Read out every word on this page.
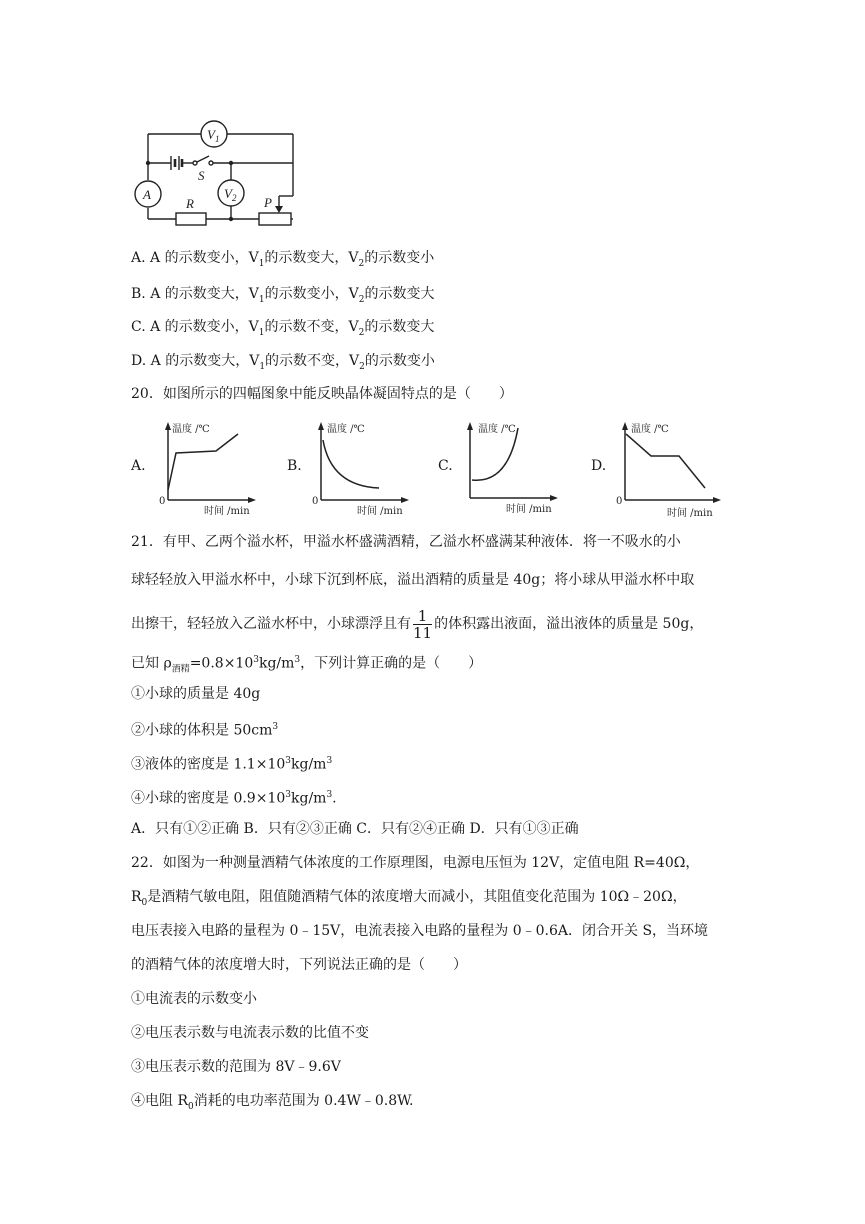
$V_1$
A	$V_2$
S
R	P
A. A 的示数变小，$V_1$的示数变大，$V_2$的示数变小
B. A 的示数变大，$V_1$的示数变小，$V_2$的示数变大
C. A 的示数变小，$V_1$的示数不变，$V_2$的示数变大
D. A 的示数变大，$V_1$的示数不变，$V_2$的示数变小
20．如图所示的四幅图象中能反映晶体凝固特点的是（　　）
A.	B.	C.	D.
温度 /℃
0
时间 /min
温度 /℃
0
时间 /min
温度 /℃
时间 /min
温度 /℃
0
时间 /min
21．有甲、乙两个溢水杯，甲溢水杯盛满酒精，乙溢水杯盛满某种液体．将一不吸水的小
球轻轻放入甲溢水杯中，小球下沉到杯底，溢出酒精的质量是 40g；将小球从甲溢水杯中取
出擦干，轻轻放入乙溢水杯中，小球漂浮且有 $\frac{1}{11}$ 的体积露出液面，溢出液体的质量是 50g，
已知 $\rho_{酒精}=0.8\times 10^3kg/m^3$，下列计算正确的是（　　）
①小球的质量是 40g
②小球的体积是 $50cm^3$
③液体的密度是 $1.1\times 10^3kg/m^3$
④小球的密度是 $0.9\times 10^3kg/m^3$.
A．只有①②正确 B．只有②③正确 C．只有②④正确 D．只有①③正确
22．如图为一种测量酒精气体浓度的工作原理图，电源电压恒为 12V，定值电阻 R=40Ω，
$R_0$是酒精气敏电阻，阻值随酒精气体的浓度增大而减小，其阻值变化范围为 10Ω﹣20Ω，
电压表接入电路的量程为 0﹣15V，电流表接入电路的量程为 0﹣0.6A．闭合开关 S，当环境
的酒精气体的浓度增大时，下列说法正确的是（　　）
①电流表的示数变小
②电压表示数与电流表示数的比值不变
③电压表示数的范围为 8V﹣9.6V
④电阻 $R_0$消耗的电功率范围为 0.4W﹣0.8W.
